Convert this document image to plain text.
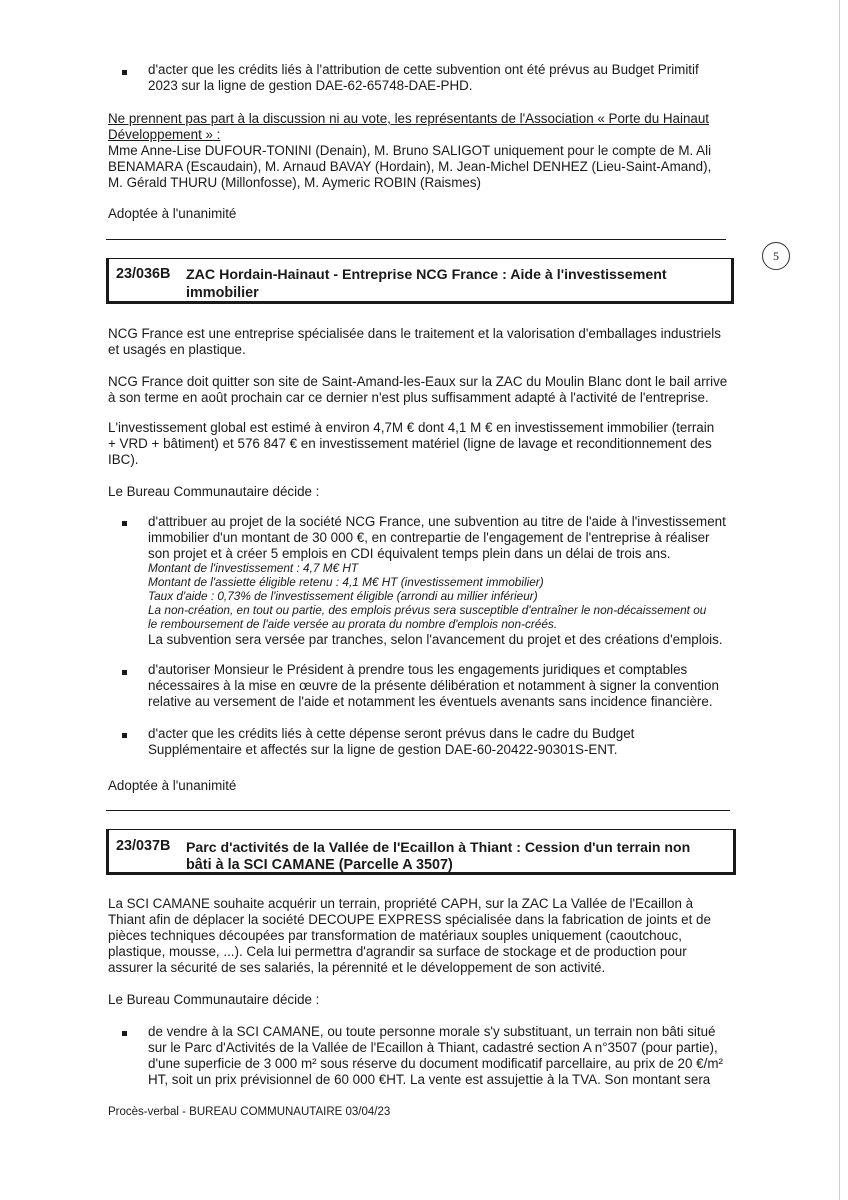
d'acter que les crédits liés à l'attribution de cette subvention ont été prévus au Budget Primitif
2023 sur la ligne de gestion DAE-62-65748-DAE-PHD.
Ne prennent pas part à la discussion ni au vote, les représentants de l'Association « Porte du Hainaut
Développement » :
Mme Anne-Lise DUFOUR-TONINI (Denain), M. Bruno SALIGOT uniquement pour le compte de M. Ali
BENAMARA (Escaudain), M. Arnaud BAVAY (Hordain), M. Jean-Michel DENHEZ (Lieu-Saint-Amand),
M. Gérald THURU (Millonfosse), M. Aymeric ROBIN (Raismes)
Adoptée à l'unanimité
5
23/036B ZAC Hordain-Hainaut - Entreprise NCG France : Aide à l'investissement
immobilier
NCG France est une entreprise spécialisée dans le traitement et la valorisation d'emballages industriels
et usagés en plastique.
NCG France doit quitter son site de Saint-Amand-les-Eaux sur la ZAC du Moulin Blanc dont le bail arrive
à son terme en août prochain car ce dernier n'est plus suffisamment adapté à l'activité de l'entreprise.
L'investissement global est estimé à environ 4,7M € dont 4,1 M € en investissement immobilier (terrain
+ VRD + bâtiment) et 576 847 € en investissement matériel (ligne de lavage et reconditionnement des
IBC).
Le Bureau Communautaire décide :
d'attribuer au projet de la société NCG France, une subvention au titre de l'aide à l'investissement
immobilier d'un montant de 30 000 €, en contrepartie de l'engagement de l'entreprise à réaliser
son projet et à créer 5 emplois en CDI équivalent temps plein dans un délai de trois ans.
Montant de l'investissement : 4,7 M€ HT
Montant de l'assiette éligible retenu : 4,1 M€ HT (investissement immobilier)
Taux d'aide : 0,73% de l'investissement éligible (arrondi au millier inférieur)
La non-création, en tout ou partie, des emplois prévus sera susceptible d'entraîner le non-décaissement ou
le remboursement de l'aide versée au prorata du nombre d'emplois non-créés.
La subvention sera versée par tranches, selon l'avancement du projet et des créations d'emplois.
d'autoriser Monsieur le Président à prendre tous les engagements juridiques et comptables
nécessaires à la mise en œuvre de la présente délibération et notamment à signer la convention
relative au versement de l'aide et notamment les éventuels avenants sans incidence financière.
d'acter que les crédits liés à cette dépense seront prévus dans le cadre du Budget
Supplémentaire et affectés sur la ligne de gestion DAE-60-20422-90301S-ENT.
Adoptée à l'unanimité
23/037B Parc d'activités de la Vallée de l'Ecaillon à Thiant : Cession d'un terrain non
bâti à la SCI CAMANE (Parcelle A 3507)
La SCI CAMANE souhaite acquérir un terrain, propriété CAPH, sur la ZAC La Vallée de l'Ecaillon à
Thiant afin de déplacer la société DECOUPE EXPRESS spécialisée dans la fabrication de joints et de
pièces techniques découpées par transformation de matériaux souples uniquement (caoutchouc,
plastique, mousse, ...). Cela lui permettra d'agrandir sa surface de stockage et de production pour
assurer la sécurité de ses salariés, la pérennité et le développement de son activité.
Le Bureau Communautaire décide :
de vendre à la SCI CAMANE, ou toute personne morale s'y substituant, un terrain non bâti situé
sur le Parc d'Activités de la Vallée de l'Ecaillon à Thiant, cadastré section A n°3507 (pour partie),
d'une superficie de 3 000 m² sous réserve du document modificatif parcellaire, au prix de 20 €/m²
HT, soit un prix prévisionnel de 60 000 €HT. La vente est assujettie à la TVA. Son montant sera
Procès-verbal - BUREAU COMMUNAUTAIRE 03/04/23
